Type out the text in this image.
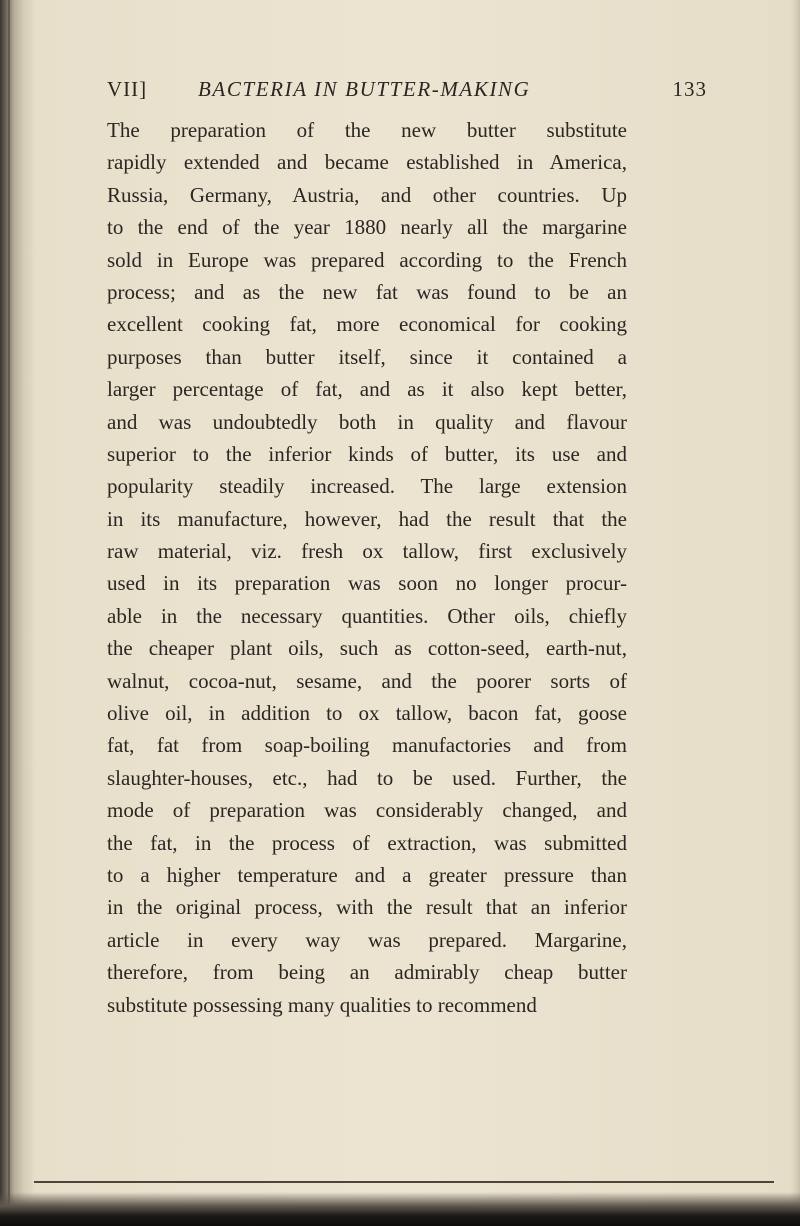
VII] BACTERIA IN BUTTER-MAKING	133
The preparation of the new butter substitute
rapidly extended and became established in America,
Russia, Germany, Austria, and other countries. Up
to the end of the year 1880 nearly all the margarine
sold in Europe was prepared according to the French
process; and as the new fat was found to be an
excellent cooking fat, more economical for cooking
purposes than butter itself, since it contained a
larger percentage of fat, and as it also kept better,
and was undoubtedly both in quality and flavour
superior to the inferior kinds of butter, its use and
popularity steadily increased. The large extension
in its manufacture, however, had the result that the
raw material, viz. fresh ox tallow, first exclusively
used in its preparation was soon no longer procur-
able in the necessary quantities. Other oils, chiefly
the cheaper plant oils, such as cotton-seed, earth-nut,
walnut, cocoa-nut, sesame, and the poorer sorts of
olive oil, in addition to ox tallow, bacon fat, goose
fat, fat from soap-boiling manufactories and from
slaughter-houses, etc., had to be used. Further, the
mode of preparation was considerably changed, and
the fat, in the process of extraction, was submitted
to a higher temperature and a greater pressure than
in the original process, with the result that an inferior
article in every way was prepared. Margarine,
therefore, from being an admirably cheap butter
substitute possessing many qualities to recommend
